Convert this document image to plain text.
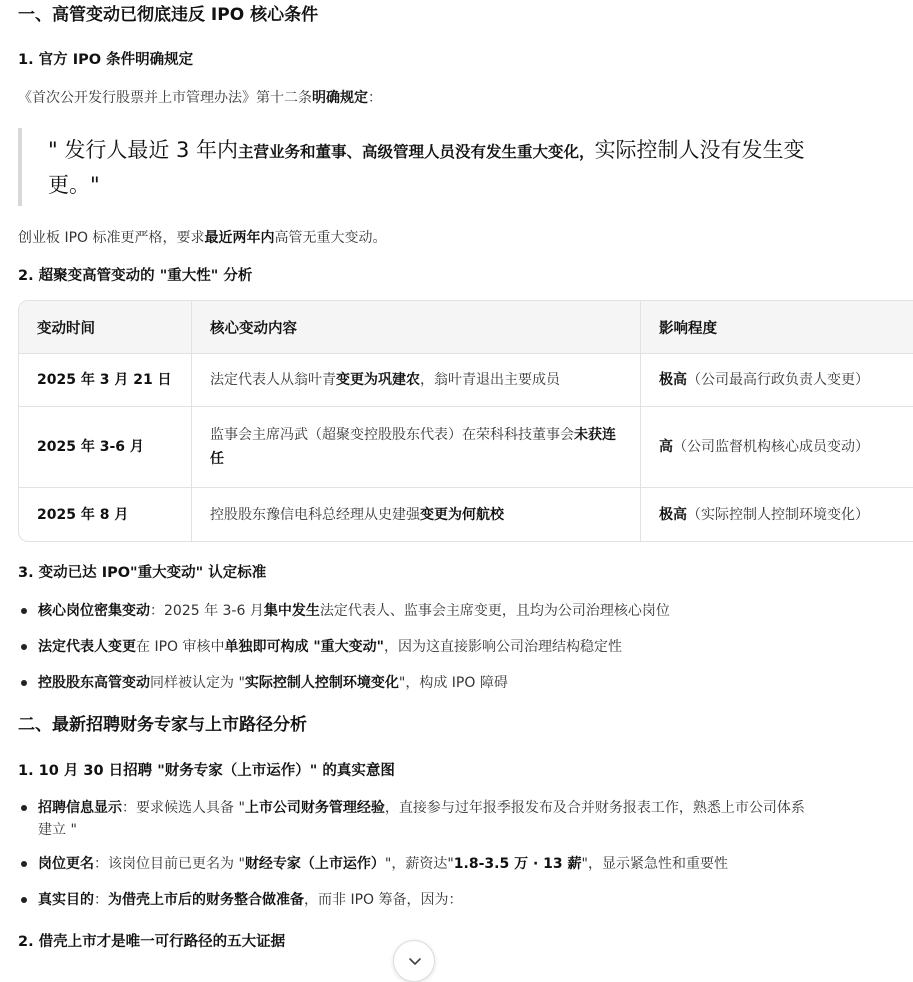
一、高管变动已彻底违反 IPO 核心条件
1. 官方 IPO 条件明确规定

《首次公开发行股票并上市管理办法》第十二条明确规定：

" 发行人最近 3 年内主营业务和董事、高级管理人员没有发生重大变化，实际控制人没有发生变更。"

创业板 IPO 标准更严格，要求最近两年内高管无重大变动。

2. 超聚变高管变动的 "重大性" 分析
变动时间	核心变动内容	影响程度
2025 年 3 月 21 日	法定代表人从翁叶青变更为巩建农，翁叶青退出主要成员	极高（公司最高行政负责人变更）
2025 年 3-6 月	监事会主席冯武（超聚变控股股东代表）在荣科科技董事会未获连任	高（公司监督机构核心成员变动）
2025 年 8 月	控股股东豫信电科总经理从史建强变更为何航校	极高（实际控制人控制环境变化）
3. 变动已达 IPO"重大变动" 认定标准
核心岗位密集变动：2025 年 3-6 月集中发生法定代表人、监事会主席变更，且均为公司治理核心岗位
法定代表人变更在 IPO 审核中单独即可构成 "重大变动"，因为这直接影响公司治理结构稳定性
控股股东高管变动同样被认定为 "实际控制人控制环境变化"，构成 IPO 障碍
二、最新招聘财务专家与上市路径分析
1. 10 月 30 日招聘 "财务专家（上市运作）" 的真实意图
招聘信息显示：要求候选人具备 "上市公司财务管理经验，直接参与过年报季报发布及合并财务报表工作，熟悉上市公司体系建立 "
岗位更名：该岗位目前已更名为 "财经专家（上市运作）"，薪资达"1.8-3.5 万 · 13 薪"，显示紧急性和重要性
真实目的：为借壳上市后的财务整合做准备，而非 IPO 筹备，因为：
2. 借壳上市才是唯一可行路径的五大证据
